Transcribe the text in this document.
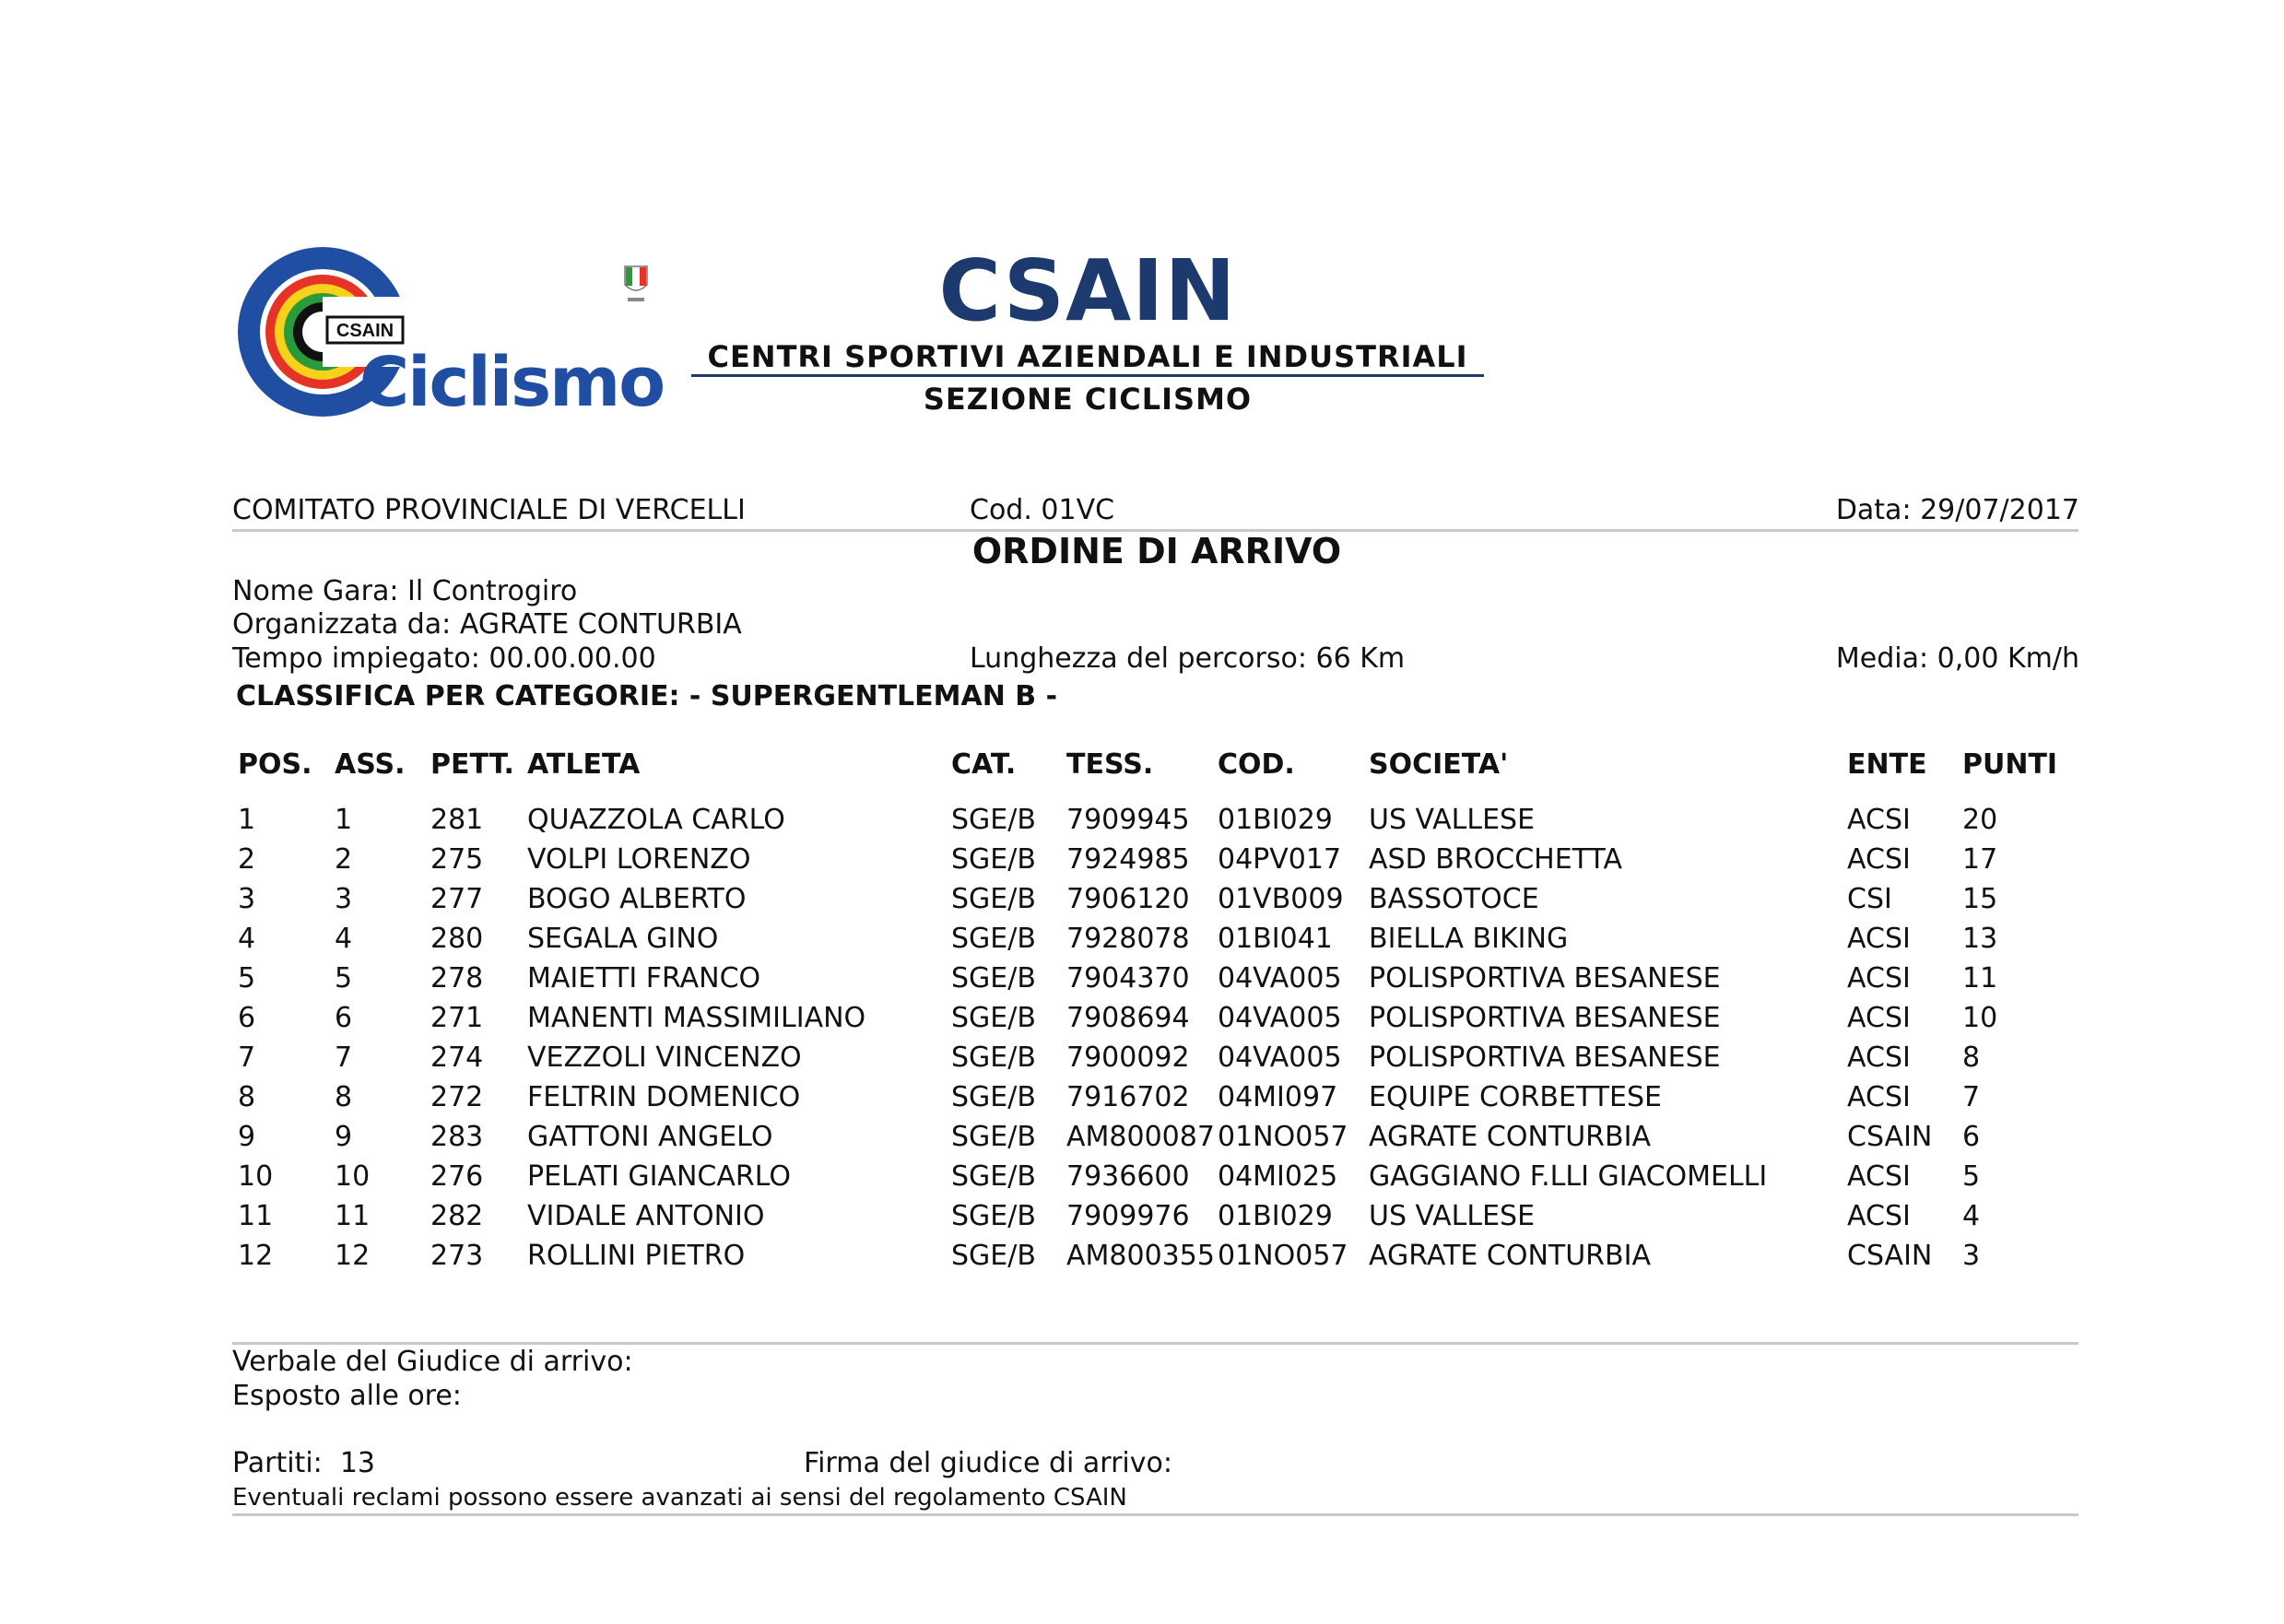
CSAIN
Ciclismo
CSAIN
CENTRI SPORTIVI AZIENDALI E INDUSTRIALI
SEZIONE CICLISMO
COMITATO PROVINCIALE DI VERCELLI	Cod. 01VC	Data: 29/07/2017
ORDINE DI ARRIVO
Nome Gara: Il Controgiro
Organizzata da: AGRATE CONTURBIA
Tempo impiegato: 00.00.00.00	Lunghezza del percorso: 66 Km	Media: 0,00 Km/h
CLASSIFICA PER CATEGORIE: - SUPERGENTLEMAN B -
POS.	ASS.	PETT.	ATLETA	CAT.	TESS.	COD.	SOCIETA'	ENTE	PUNTI
1	1	281	QUAZZOLA CARLO	SGE/B	7909945	01BI029	US VALLESE	ACSI	20
2	2	275	VOLPI LORENZO	SGE/B	7924985	04PV017	ASD BROCCHETTA	ACSI	17
3	3	277	BOGO ALBERTO	SGE/B	7906120	01VB009	BASSOTOCE	CSI	15
4	4	280	SEGALA GINO	SGE/B	7928078	01BI041	BIELLA BIKING	ACSI	13
5	5	278	MAIETTI FRANCO	SGE/B	7904370	04VA005	POLISPORTIVA BESANESE	ACSI	11
6	6	271	MANENTI MASSIMILIANO	SGE/B	7908694	04VA005	POLISPORTIVA BESANESE	ACSI	10
7	7	274	VEZZOLI VINCENZO	SGE/B	7900092	04VA005	POLISPORTIVA BESANESE	ACSI	8
8	8	272	FELTRIN DOMENICO	SGE/B	7916702	04MI097	EQUIPE CORBETTESE	ACSI	7
9	9	283	GATTONI ANGELO	SGE/B	AM800087	01NO057	AGRATE CONTURBIA	CSAIN	6
10	10	276	PELATI GIANCARLO	SGE/B	7936600	04MI025	GAGGIANO F.LLI GIACOMELLI	ACSI	5
11	11	282	VIDALE ANTONIO	SGE/B	7909976	01BI029	US VALLESE	ACSI	4
12	12	273	ROLLINI PIETRO	SGE/B	AM800355	01NO057	AGRATE CONTURBIA	CSAIN	3
Verbale del Giudice di arrivo:
Esposto alle ore:
Partiti:  13	Firma del giudice di arrivo:
Eventuali reclami possono essere avanzati ai sensi del regolamento CSAIN
